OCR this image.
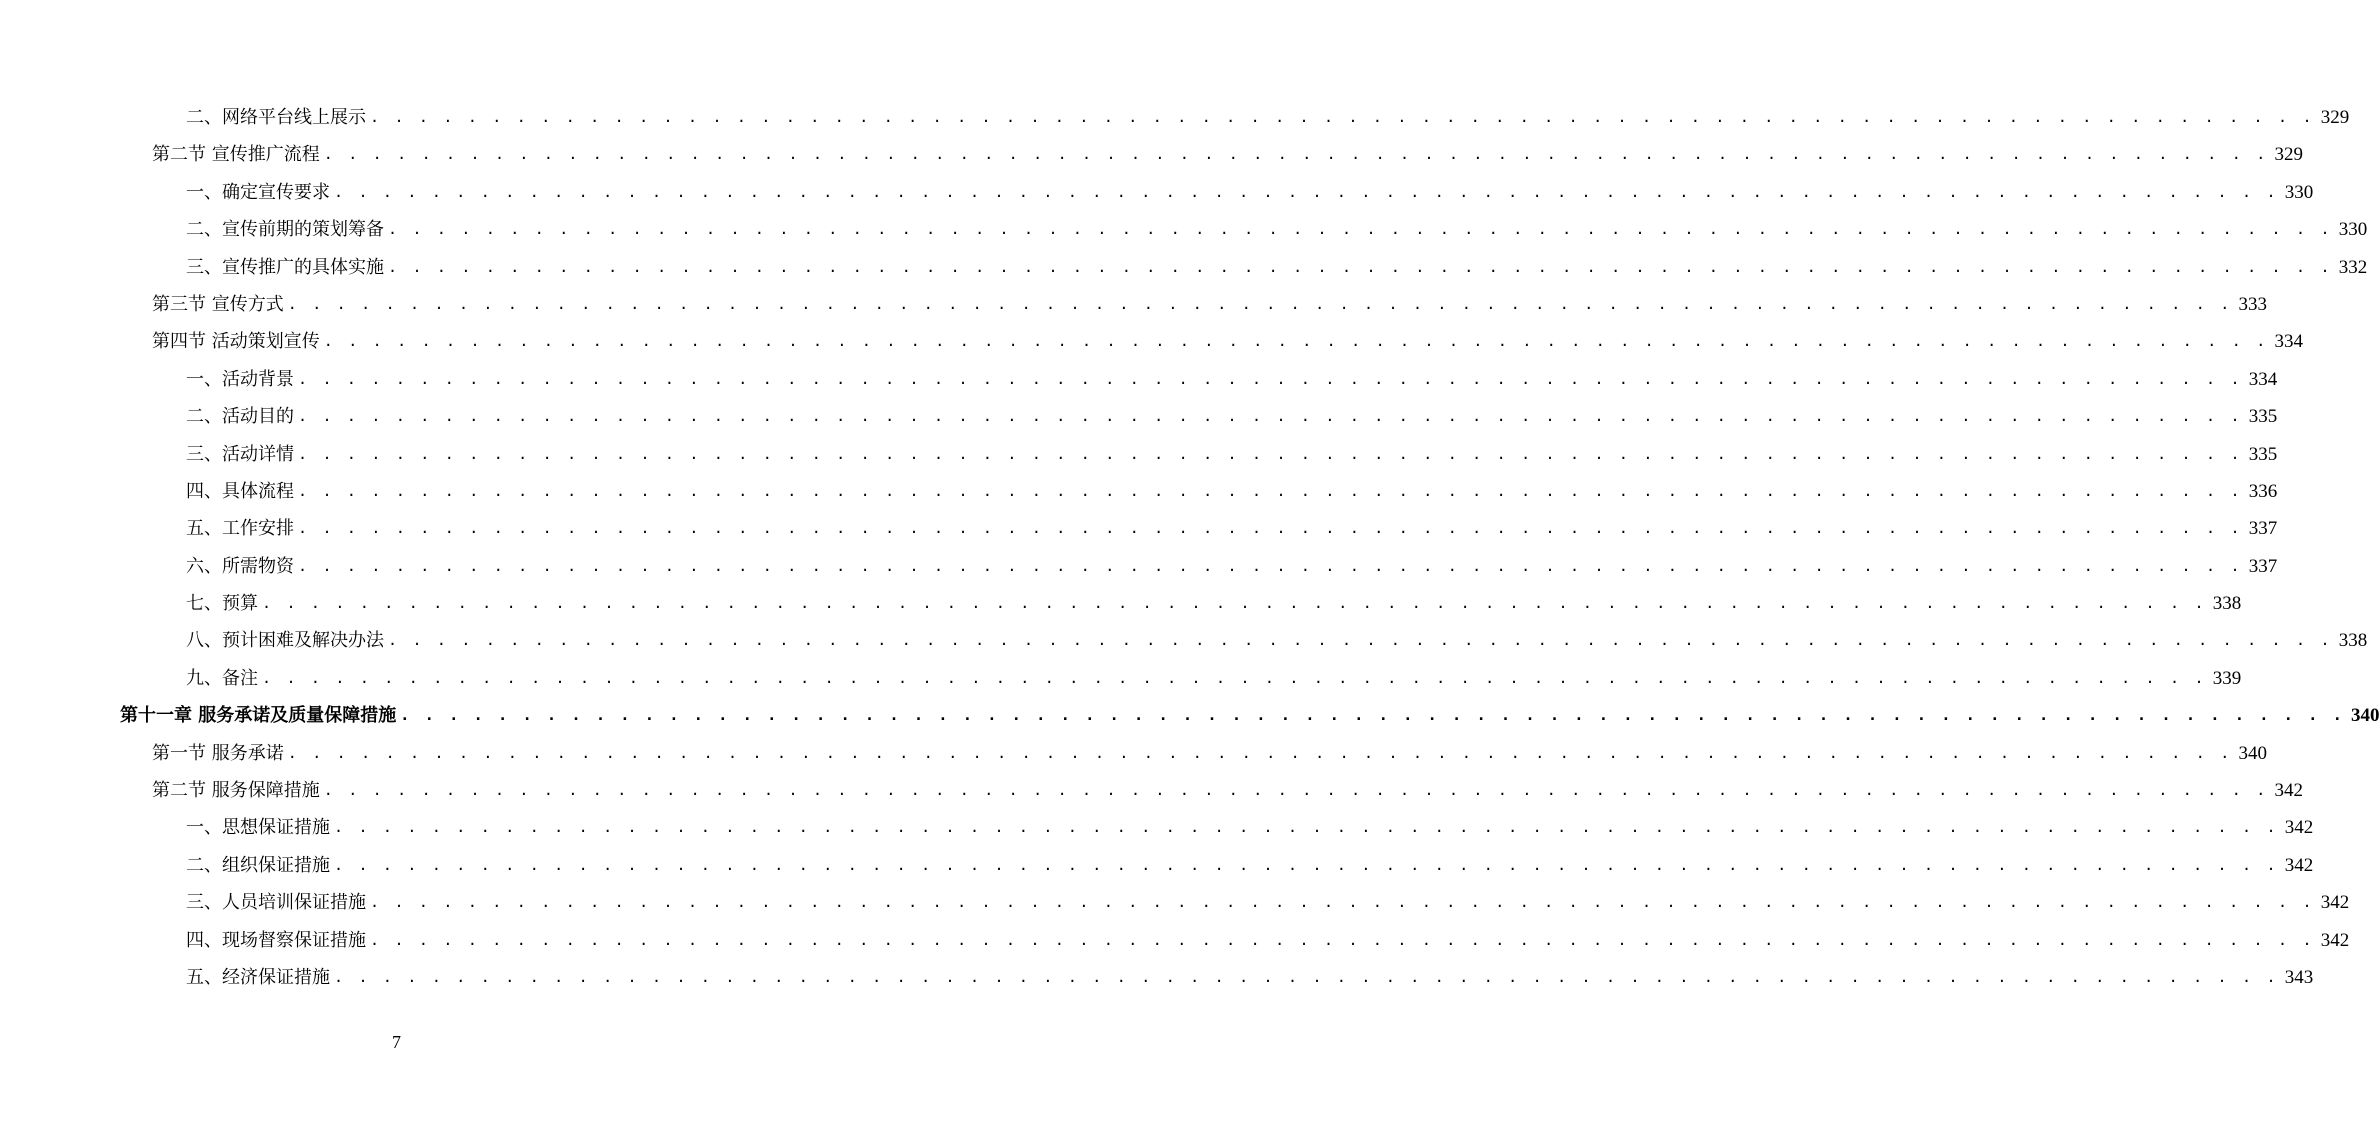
二、网络平台线上展示 . . . . . . . . . . . . . . . . . . . . . . . . . . . . . . . . . . . . . . . . . . . . . . . . . . . . . . . . . . . . . . . . . . . . . . . . . . . . . . . . 329
第二节 宣传推广流程 . . . . . . . . . . . . . . . . . . . . . . . . . . . . . . . . . . . . . . . . . . . . . . . . . . . . . . . . . . . . . . . . . . . . . . . . . . . . . . . . 329
一、确定宣传要求 . . . . . . . . . . . . . . . . . . . . . . . . . . . . . . . . . . . . . . . . . . . . . . . . . . . . . . . . . . . . . . . . . . . . . . . . . . . . . . . . 330
二、宣传前期的策划筹备 . . . . . . . . . . . . . . . . . . . . . . . . . . . . . . . . . . . . . . . . . . . . . . . . . . . . . . . . . . . . . . . . . . . . . . . . . . . . . . . . 330
三、宣传推广的具体实施 . . . . . . . . . . . . . . . . . . . . . . . . . . . . . . . . . . . . . . . . . . . . . . . . . . . . . . . . . . . . . . . . . . . . . . . . . . . . . . . . 332
第三节 宣传方式 . . . . . . . . . . . . . . . . . . . . . . . . . . . . . . . . . . . . . . . . . . . . . . . . . . . . . . . . . . . . . . . . . . . . . . . . . . . . . . . . 333
第四节 活动策划宣传 . . . . . . . . . . . . . . . . . . . . . . . . . . . . . . . . . . . . . . . . . . . . . . . . . . . . . . . . . . . . . . . . . . . . . . . . . . . . . . . . 334
一、活动背景 . . . . . . . . . . . . . . . . . . . . . . . . . . . . . . . . . . . . . . . . . . . . . . . . . . . . . . . . . . . . . . . . . . . . . . . . . . . . . . . . 334
二、活动目的 . . . . . . . . . . . . . . . . . . . . . . . . . . . . . . . . . . . . . . . . . . . . . . . . . . . . . . . . . . . . . . . . . . . . . . . . . . . . . . . . 335
三、活动详情 . . . . . . . . . . . . . . . . . . . . . . . . . . . . . . . . . . . . . . . . . . . . . . . . . . . . . . . . . . . . . . . . . . . . . . . . . . . . . . . . 335
四、具体流程 . . . . . . . . . . . . . . . . . . . . . . . . . . . . . . . . . . . . . . . . . . . . . . . . . . . . . . . . . . . . . . . . . . . . . . . . . . . . . . . . 336
五、工作安排 . . . . . . . . . . . . . . . . . . . . . . . . . . . . . . . . . . . . . . . . . . . . . . . . . . . . . . . . . . . . . . . . . . . . . . . . . . . . . . . . 337
六、所需物资 . . . . . . . . . . . . . . . . . . . . . . . . . . . . . . . . . . . . . . . . . . . . . . . . . . . . . . . . . . . . . . . . . . . . . . . . . . . . . . . . 337
七、预算 . . . . . . . . . . . . . . . . . . . . . . . . . . . . . . . . . . . . . . . . . . . . . . . . . . . . . . . . . . . . . . . . . . . . . . . . . . . . . . . . 338
八、预计困难及解决办法 . . . . . . . . . . . . . . . . . . . . . . . . . . . . . . . . . . . . . . . . . . . . . . . . . . . . . . . . . . . . . . . . . . . . . . . . . . . . . . . . 338
九、备注 . . . . . . . . . . . . . . . . . . . . . . . . . . . . . . . . . . . . . . . . . . . . . . . . . . . . . . . . . . . . . . . . . . . . . . . . . . . . . . . . 339
第十一章 服务承诺及质量保障措施 . . . . . . . . . . . . . . . . . . . . . . . . . . . . . . . . . . . . . . . . . . . . . . . . . . . . . . . . . . . . . . . . . . . . . . . . . . . . . . . . 340
第一节 服务承诺 . . . . . . . . . . . . . . . . . . . . . . . . . . . . . . . . . . . . . . . . . . . . . . . . . . . . . . . . . . . . . . . . . . . . . . . . . . . . . . . . 340
第二节 服务保障措施 . . . . . . . . . . . . . . . . . . . . . . . . . . . . . . . . . . . . . . . . . . . . . . . . . . . . . . . . . . . . . . . . . . . . . . . . . . . . . . . . 342
一、思想保证措施 . . . . . . . . . . . . . . . . . . . . . . . . . . . . . . . . . . . . . . . . . . . . . . . . . . . . . . . . . . . . . . . . . . . . . . . . . . . . . . . . 342
二、组织保证措施 . . . . . . . . . . . . . . . . . . . . . . . . . . . . . . . . . . . . . . . . . . . . . . . . . . . . . . . . . . . . . . . . . . . . . . . . . . . . . . . . 342
三、人员培训保证措施 . . . . . . . . . . . . . . . . . . . . . . . . . . . . . . . . . . . . . . . . . . . . . . . . . . . . . . . . . . . . . . . . . . . . . . . . . . . . . . . . 342
四、现场督察保证措施 . . . . . . . . . . . . . . . . . . . . . . . . . . . . . . . . . . . . . . . . . . . . . . . . . . . . . . . . . . . . . . . . . . . . . . . . . . . . . . . . 342
五、经济保证措施 . . . . . . . . . . . . . . . . . . . . . . . . . . . . . . . . . . . . . . . . . . . . . . . . . . . . . . . . . . . . . . . . . . . . . . . . . . . . . . . . 343
7
